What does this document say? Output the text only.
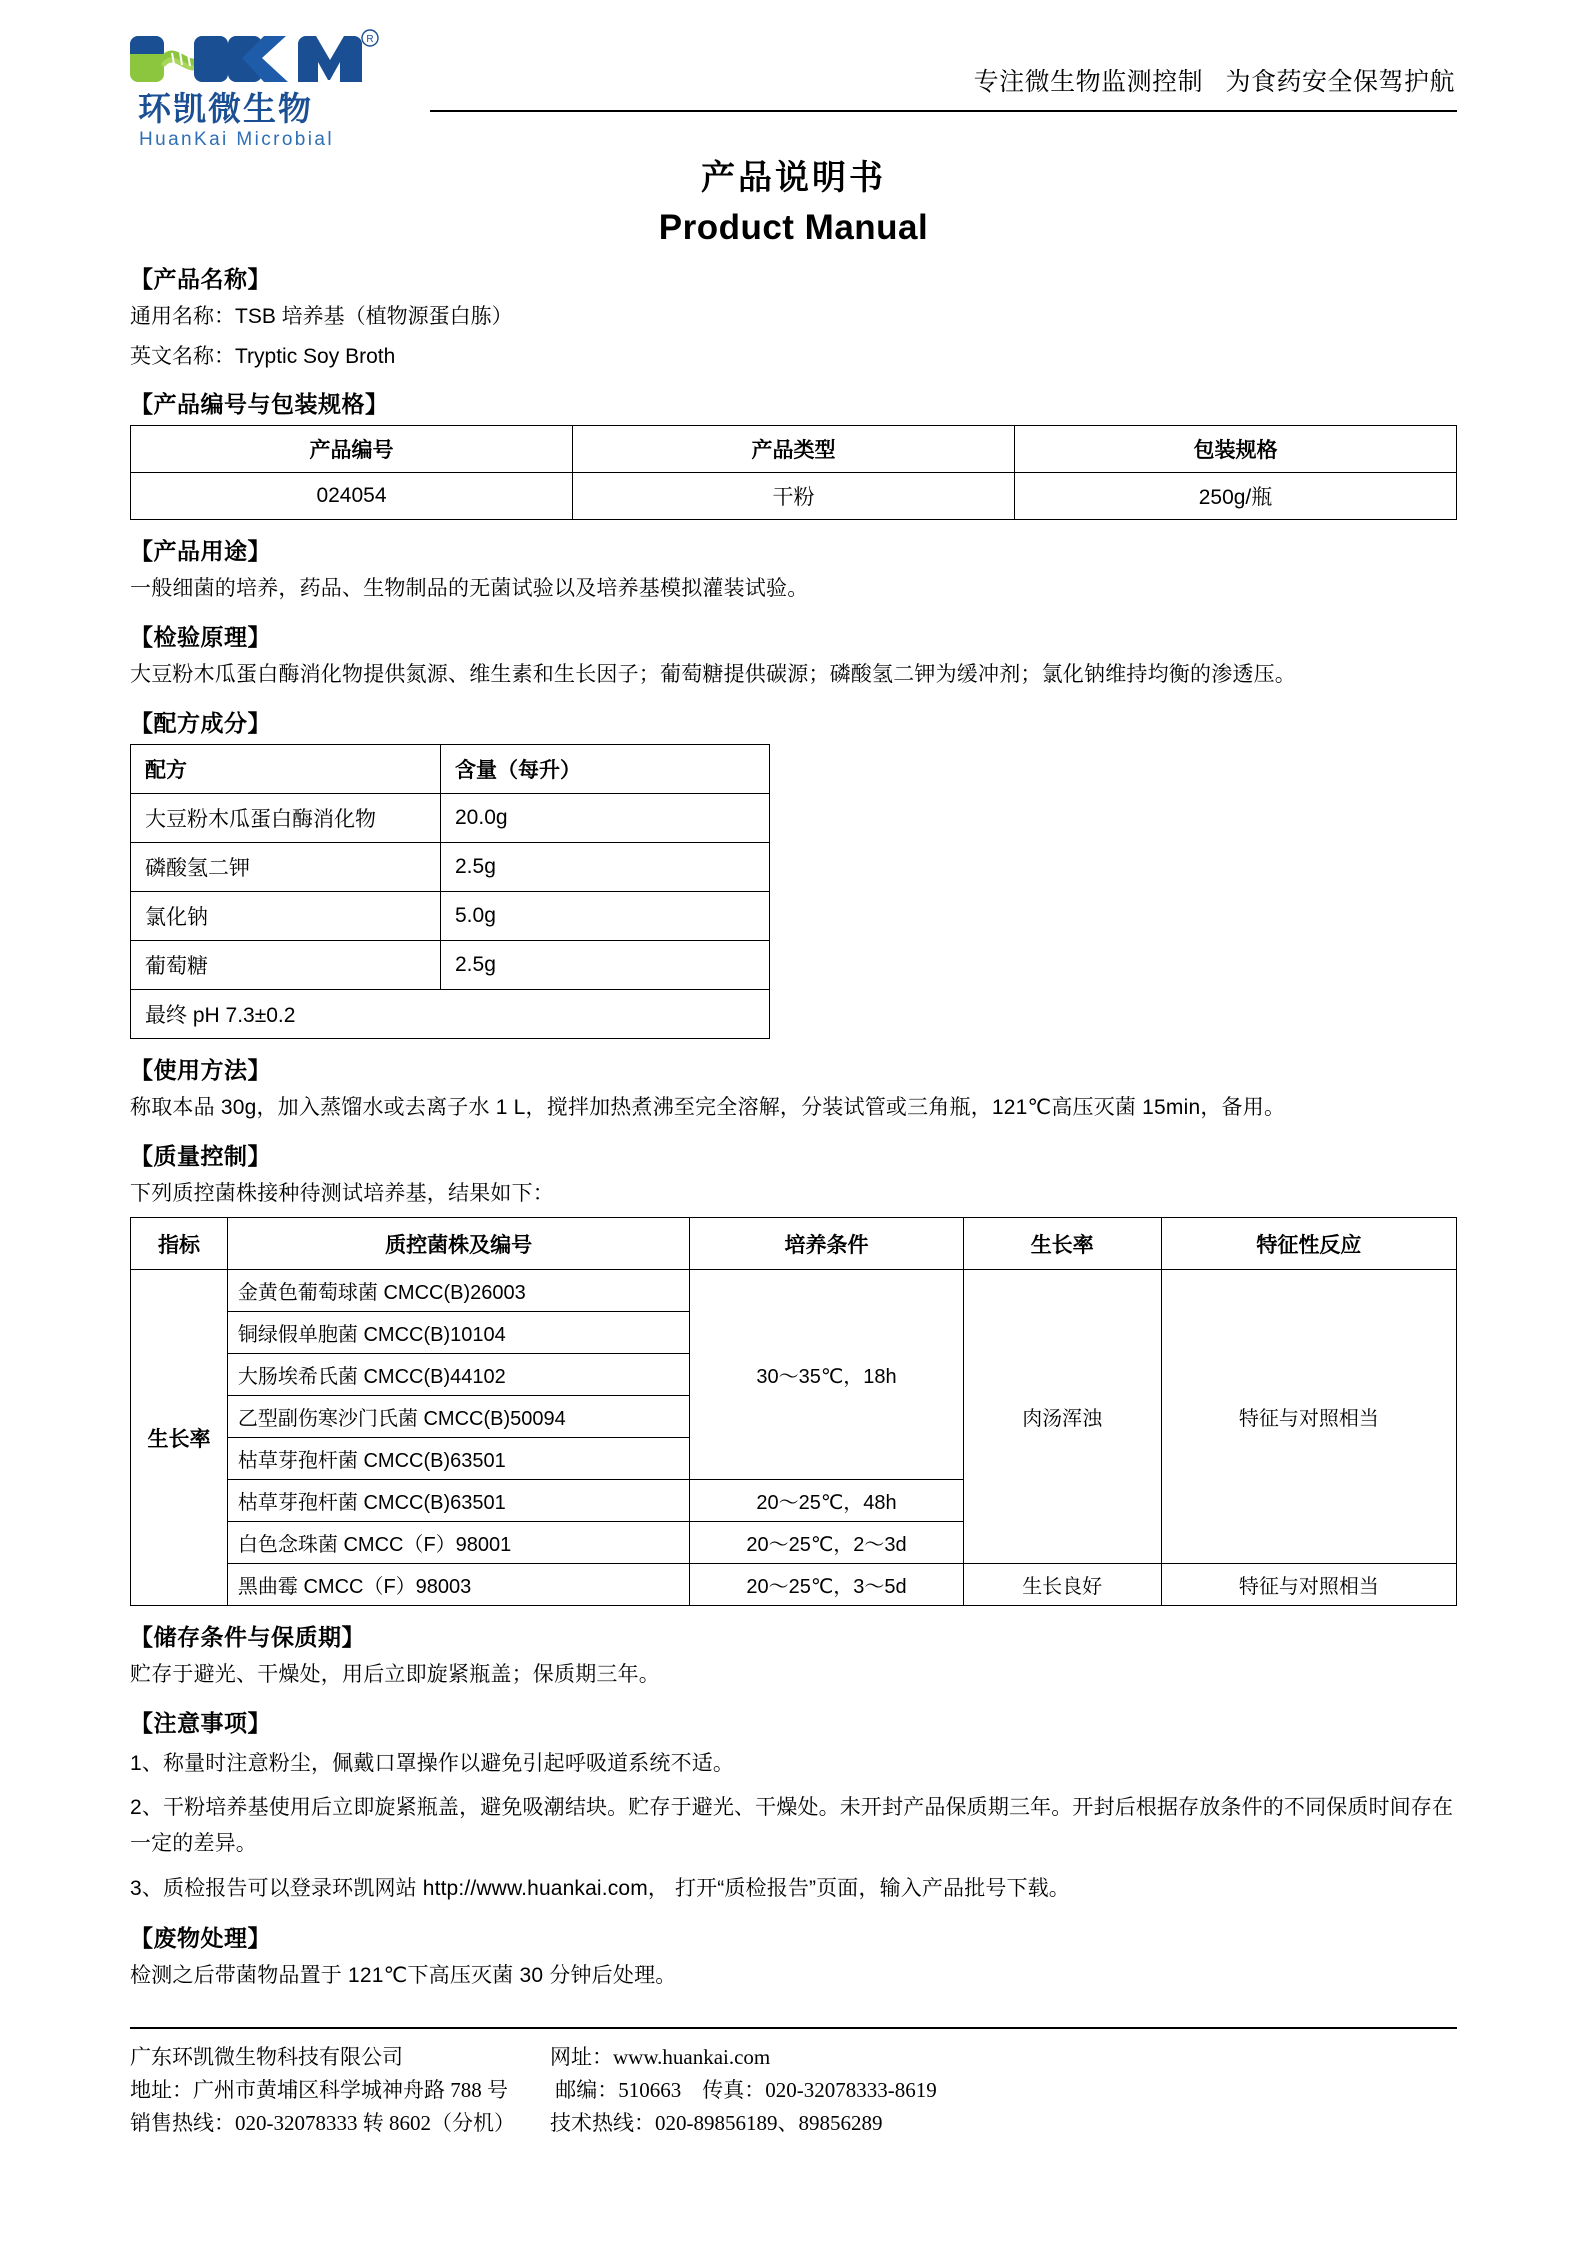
R
环凯微生物
HuanKai Microbial
专注微生物监测控制   为食药安全保驾护航
产品说明书
Product Manual
【产品名称】
通用名称：TSB 培养基（植物源蛋白胨）
英文名称：Tryptic Soy Broth
【产品编号与包装规格】
产品编号	产品类型	包装规格
024054	干粉	250g/瓶
【产品用途】
一般细菌的培养，药品、生物制品的无菌试验以及培养基模拟灌装试验。
【检验原理】
大豆粉木瓜蛋白酶消化物提供氮源、维生素和生长因子；葡萄糖提供碳源；磷酸氢二钾为缓冲剂；氯化钠维持均衡的渗透压。
【配方成分】
配方	含量（每升）
大豆粉木瓜蛋白酶消化物	20.0g
磷酸氢二钾	2.5g
氯化钠	5.0g
葡萄糖	2.5g
最终 pH 7.3±0.2	
【使用方法】
称取本品 30g，加入蒸馏水或去离子水 1 L，搅拌加热煮沸至完全溶解，分装试管或三角瓶，121℃高压灭菌 15min，备用。
【质量控制】
下列质控菌株接种待测试培养基，结果如下：
指标	质控菌株及编号	培养条件	生长率	特征性反应
生长率	金黄色葡萄球菌 CMCC(B)26003	30～35℃，18h	肉汤浑浊	特征与对照相当
	铜绿假单胞菌 CMCC(B)10104			
	大肠埃希氏菌 CMCC(B)44102			
	乙型副伤寒沙门氏菌 CMCC(B)50094			
	枯草芽孢杆菌 CMCC(B)63501			
	枯草芽孢杆菌 CMCC(B)63501	20～25℃，48h		
	白色念珠菌 CMCC（F）98001	20～25℃，2～3d		
	黑曲霉 CMCC（F）98003	20～25℃，3～5d	生长良好	特征与对照相当
【储存条件与保质期】
贮存于避光、干燥处，用后立即旋紧瓶盖；保质期三年。
【注意事项】
1、称量时注意粉尘，佩戴口罩操作以避免引起呼吸道系统不适。
2、干粉培养基使用后立即旋紧瓶盖，避免吸潮结块。贮存于避光、干燥处。未开封产品保质期三年。开封后根据存放条件的不同保质时间存在一定的差异。
3、质检报告可以登录环凯网站 http://www.huankai.com， 打开“质检报告”页面，输入产品批号下载。
【废物处理】
检测之后带菌物品置于 121℃下高压灭菌 30 分钟后处理。
广东环凯微生物科技有限公司
地址：广州市黄埔区科学城神舟路 788 号
销售热线：020-32078333 转 8602（分机）
网址：www.huankai.com
邮编：510663    传真：020-32078333-8619
技术热线：020-89856189、89856289
